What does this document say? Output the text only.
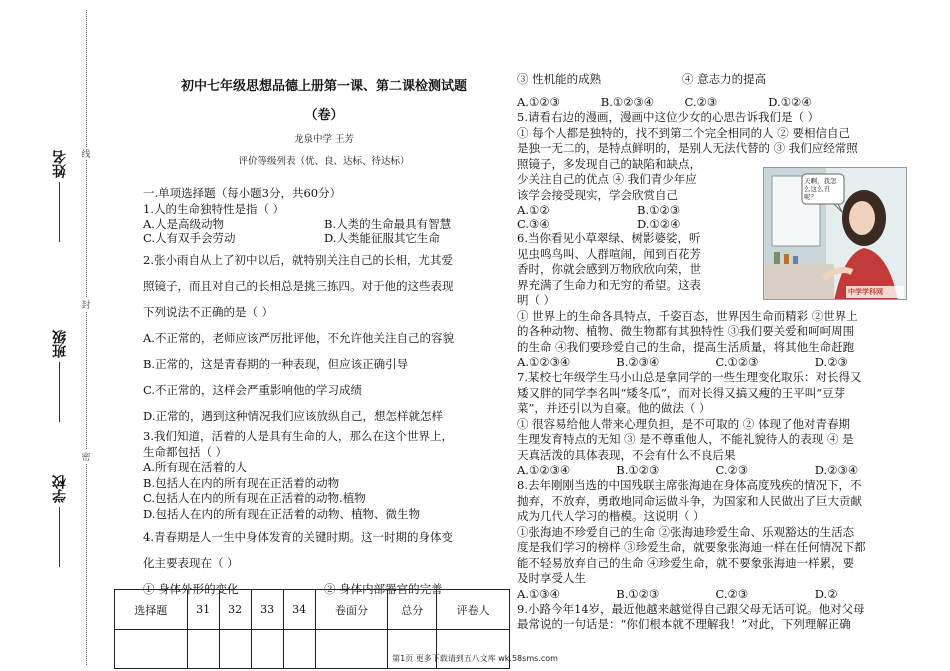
线
封
密
姓名
班级
学校
初中七年级思想品德上册第一课、第二课检测试题
（卷）
龙泉中学 王芳
评价等级列表（优、良、达标、待达标）
一.单项选择题（每小题3分，共60分）
1.人的生命独特性是指（ ）
A.人是高级动物	B.人类的生命最具有智慧
C.人有双手会劳动	D.人类能征服其它生命
2.张小雨自从上了初中以后，就特别关注自己的长相，尤其爱
照镜子，而且对自己的长相总是挑三拣四。对于他的这些表现
下列说法不正确的是（ ）
A.不正常的，老师应该严厉批评他，不允许他关注自己的容貌
B.正常的，这是青春期的一种表现，但应该正确引导
C.不正常的，这样会严重影响他的学习成绩
D.正常的，遇到这种情况我们应该放纵自己，想怎样就怎样
3.我们知道，活着的人是具有生命的人，那么在这个世界上，
生命都包括（ ）
A.所有现在活着的人
B.包括人在内的所有现在正活着的动物
C.包括人在内的所有现在正活着的动物.植物
D.包括人在内的所有现在正活着的动物、植物、微生物
4.青春期是人一生中身体发育的关键时期。这一时期的身体变
化主要表现在（ ）
① 身体外形的变化	② 身体内部器官的完善
③ 性机能的成熟	④ 意志力的提高
A.①②③	B.①②③④	C.②③	D.①②④
5.请看右边的漫画，漫画中这位少女的心思告诉我们是（ ）
① 每个人都是独特的，找不到第二个完全相同的人 ② 要相信自己
是独一无二的，是特点鲜明的，是别人无法代替的 ③ 我们应经常照
照镜子，多发现自己的缺陷和缺点，
少关注自己的优点 ④ 我们青少年应
该学会接受现实，学会欣赏自己
A.①②	B.①②③
C.③④	D.①②④
6.当你看见小草翠绿、树影婆娑，听
见虫鸣鸟叫、人群喧闹，闻到百花芳
香时，你就会感到万物欣欣向荣，世
界充满了生命力和无穷的希望。这表
明（ ）
① 世界上的生命各具特点，千姿百态，世界因生命而精彩 ②世界上
的各种动物、植物、微生物都有其独特性 ③我们要关爱和呵呵周围
的生命 ④我们要珍爱自己的生命，提高生活质量，将其他生命赶跑
A.①②③④	B.②③④	C.①②③	D.②③
7.某校七年级学生马小山总是拿同学的一些生理变化取乐：对长得又
矮又胖的同学李名叫“矮冬瓜”，而对长得又搞又瘦的王平叫“豆芽
菜”，并还引以为自豪。他的做法（ ）
① 很容易给他人带来心理负担，是不可取的 ② 体现了他对青春期
生理发育特点的无知 ③ 是不尊重他人，不能礼貌待人的表现 ④ 是
天真活泼的具体表现，不会有什么不良后果
A.①②③④	B.①②③	C.②③	D.②③④
8.去年刚刚当选的中国残联主席张海迪在身体高度残疾的情况下，不
抛弃，不放弃，勇敢地同命运做斗争，为国家和人民做出了巨大贡献
成为几代人学习的楷模。这说明（ ）
①张海迪不珍爱自己的生命 ②张海迪珍爱生命、乐观豁达的生活态
度是我们学习的榜样 ③珍爱生命，就要象张海迪一样在任何情况下都
能不轻易放弃自己的生命 ④珍爱生命，就不要象张海迪一样累，要
及时享受人生
A.①③④	B.①②③	C.②③	D.②
9.小路今年14岁，最近他越来越觉得自己跟父母无话可说。他对父母
最常说的一句话是：“你们根本就不理解我！”对此，下列理解正确
天啊，我怎么这么丑呢？
中学学科网
选择题	31	32	33	34	卷面分	总分	评卷人

第1页 更多下载请到五八文库 wk.58sms.com
